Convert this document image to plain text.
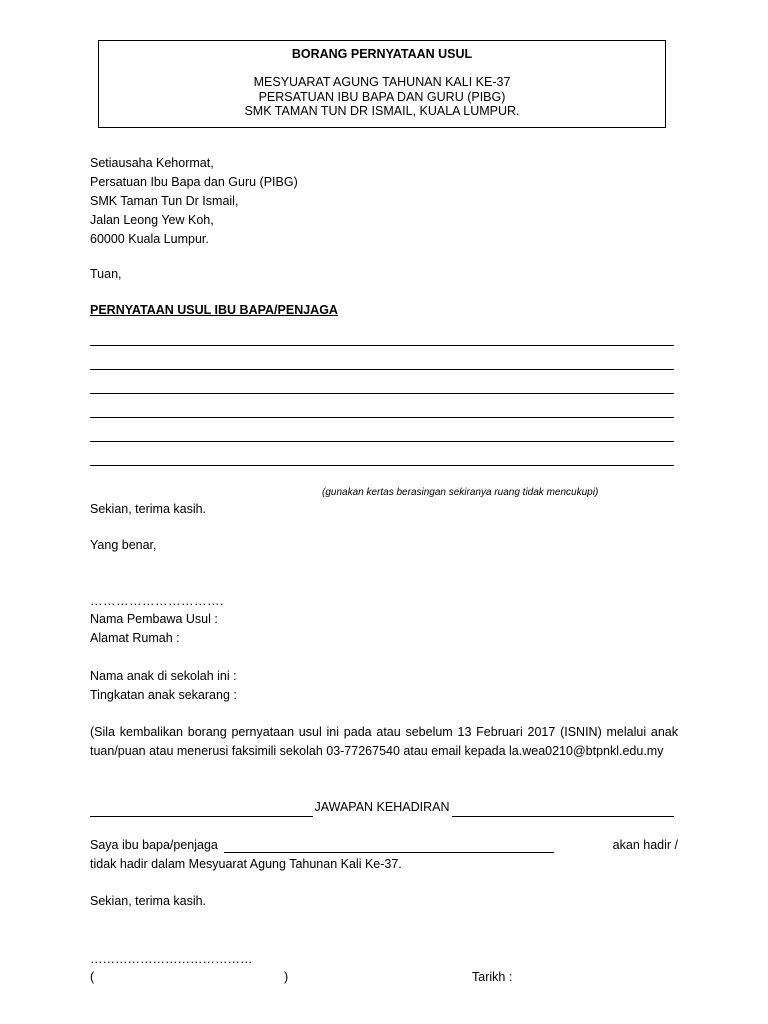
BORANG PERNYATAAN USUL
MESYUARAT AGUNG TAHUNAN KALI KE-37
PERSATUAN IBU BAPA DAN GURU (PIBG)
SMK TAMAN TUN DR ISMAIL, KUALA LUMPUR.
Setiausaha Kehormat,
Persatuan Ibu Bapa dan Guru (PIBG)
SMK Taman Tun Dr Ismail,
Jalan Leong Yew Koh,
60000 Kuala Lumpur.
Tuan,
PERNYATAAN USUL IBU BAPA/PENJAGA
(gunakan kertas berasingan sekiranya ruang tidak mencukupi)
Sekian, terima kasih.
Yang benar,
………………………….
Nama Pembawa Usul :
Alamat Rumah :
Nama anak di sekolah ini :
Tingkatan anak sekarang :
(Sila kembalikan borang pernyataan usul ini pada atau sebelum 13 Februari 2017 (ISNIN) melalui anak tuan/puan atau menerusi faksimili sekolah 03-77267540 atau email kepada la.wea0210@btpnkl.edu.my
JAWAPAN KEHADIRAN
Saya ibu bapa/penjaga	akan hadir /
tidak hadir dalam Mesyuarat Agung Tahunan Kali Ke-37.
Sekian, terima kasih.
…………………………………
(	)	Tarikh :
